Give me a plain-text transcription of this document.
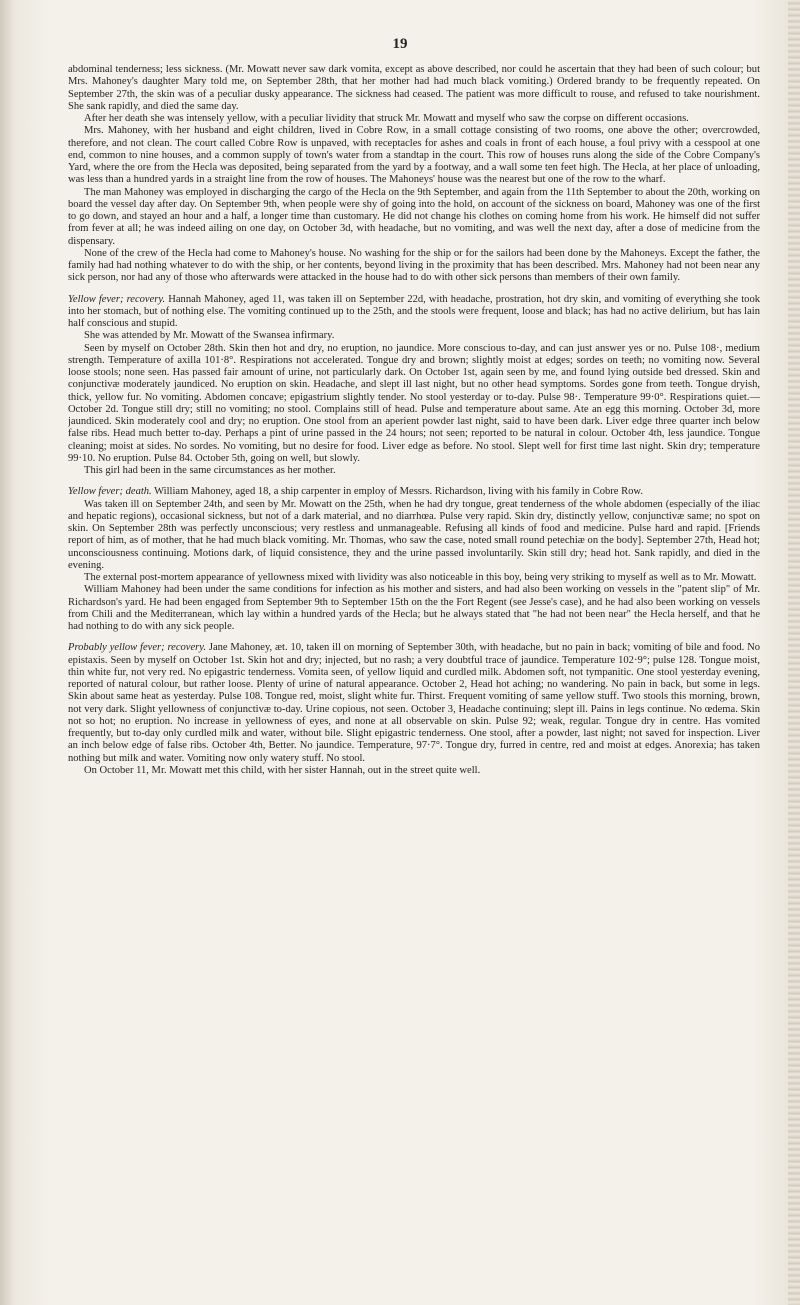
19

abdominal tenderness; less sickness. (Mr. Mowatt never saw dark vomita, except as above described, nor could he ascertain that they had been of such colour; but Mrs. Mahoney's daughter Mary told me, on September 28th, that her mother had had much black vomiting.) Ordered brandy to be frequently repeated. On September 27th, the skin was of a peculiar dusky appearance. The sickness had ceased. The patient was more difficult to rouse, and refused to take nourishment. She sank rapidly, and died the same day.

After her death she was intensely yellow, with a peculiar lividity that struck Mr. Mowatt and myself who saw the corpse on different occasions.

Mrs. Mahoney, with her husband and eight children, lived in Cobre Row, in a small cottage consisting of two rooms, one above the other; overcrowded, therefore, and not clean. The court called Cobre Row is unpaved, with receptacles for ashes and coals in front of each house, a foul privy with a cesspool at one end, common to nine houses, and a common supply of town's water from a standtap in the court. This row of houses runs along the side of the Cobre Company's Yard, where the ore from the Hecla was deposited, being separated from the yard by a footway, and a wall some ten feet high. The Hecla, at her place of unloading, was less than a hundred yards in a straight line from the row of houses. The Mahoneys' house was the nearest but one of the row to the wharf.

The man Mahoney was employed in discharging the cargo of the Hecla on the 9th September, and again from the 11th September to about the 20th, working on board the vessel day after day. On September 9th, when people were shy of going into the hold, on account of the sickness on board, Mahoney was one of the first to go down, and stayed an hour and a half, a longer time than customary. He did not change his clothes on coming home from his work. He himself did not suffer from fever at all; he was indeed ailing on one day, on October 3d, with headache, but no vomiting, and was well the next day, after a dose of medicine from the dispensary.

None of the crew of the Hecla had come to Mahoney's house. No washing for the ship or for the sailors had been done by the Mahoneys. Except the father, the family had had nothing whatever to do with the ship, or her contents, beyond living in the proximity that has been described. Mrs. Mahoney had not been near any sick person, nor had any of those who afterwards were attacked in the house had to do with other sick persons than members of their own family.

Yellow fever; recovery. Hannah Mahoney, aged 11, was taken ill on September 22d, with headache, prostration, hot dry skin, and vomiting of everything she took into her stomach, but of nothing else. The vomiting continued up to the 25th, and the stools were frequent, loose and black; has had no active delirium, but has lain half conscious and stupid.

She was attended by Mr. Mowatt of the Swansea infirmary.

Seen by myself on October 28th. Skin then hot and dry, no eruption, no jaundice. More conscious to-day, and can just answer yes or no. Pulse 108·, medium strength. Temperature of axilla 101·8°. Respirations not accelerated. Tongue dry and brown; slightly moist at edges; sordes on teeth; no vomiting now. Several loose stools; none seen. Has passed fair amount of urine, not particularly dark. On October 1st, again seen by me, and found lying outside bed dressed. Skin and conjunctivæ moderately jaundiced. No eruption on skin. Headache, and slept ill last night, but no other head symptoms. Sordes gone from teeth. Tongue dryish, thick, yellow fur. No vomiting. Abdomen concave; epigastrium slightly tender. No stool yesterday or to-day. Pulse 98·. Temperature 99·0°. Respirations quiet.—October 2d. Tongue still dry; still no vomiting; no stool. Complains still of head. Pulse and temperature about same. Ate an egg this morning. October 3d, more jaundiced. Skin moderately cool and dry; no eruption. One stool from an aperient powder last night, said to have been dark. Liver edge three quarter inch below false ribs. Head much better to-day. Perhaps a pint of urine passed in the 24 hours; not seen; reported to be natural in colour. October 4th, less jaundice. Tongue cleaning; moist at sides. No sordes. No vomiting, but no desire for food. Liver edge as before. No stool. Slept well for first time last night. Skin dry; temperature 99·10. No eruption. Pulse 84. October 5th, going on well, but slowly.

This girl had been in the same circumstances as her mother.

Yellow fever; death. William Mahoney, aged 18, a ship carpenter in employ of Messrs. Richardson, living with his family in Cobre Row.

Was taken ill on September 24th, and seen by Mr. Mowatt on the 25th, when he had dry tongue, great tenderness of the whole abdomen (especially of the iliac and hepatic regions), occasional sickness, but not of a dark material, and no diarrhœa. Pulse very rapid. Skin dry, distinctly yellow, conjunctivæ same; no spot on skin. On September 28th was perfectly unconscious; very restless and unmanageable. Refusing all kinds of food and medicine. Pulse hard and rapid. [Friends report of him, as of mother, that he had much black vomiting. Mr. Thomas, who saw the case, noted small round petechiæ on the body]. September 27th, Head hot; unconsciousness continuing. Motions dark, of liquid consistence, they and the urine passed involuntarily. Skin still dry; head hot. Sank rapidly, and died in the evening.

The external post-mortem appearance of yellowness mixed with lividity was also noticeable in this boy, being very striking to myself as well as to Mr. Mowatt.

William Mahoney had been under the same conditions for infection as his mother and sisters, and had also been working on vessels in the "patent slip" of Mr. Richardson's yard. He had been engaged from September 9th to September 15th on the the Fort Regent (see Jesse's case), and he had also been working on vessels from Chili and the Mediterranean, which lay within a hundred yards of the Hecla; but he always stated that "he had not been near" the Hecla herself, and that he had nothing to do with any sick people.

Probably yellow fever; recovery. Jane Mahoney, æt. 10, taken ill on morning of September 30th, with headache, but no pain in back; vomiting of bile and food. No epistaxis. Seen by myself on October 1st. Skin hot and dry; injected, but no rash; a very doubtful trace of jaundice. Temperature 102·9°; pulse 128. Tongue moist, thin white fur, not very red. No epigastric tenderness. Vomita seen, of yellow liquid and curdled milk. Abdomen soft, not tympanitic. One stool yesterday evening, reported of natural colour, but rather loose. Plenty of urine of natural appearance. October 2, Head hot aching; no wandering. No pain in back, but some in legs. Skin about same heat as yesterday. Pulse 108. Tongue red, moist, slight white fur. Thirst. Frequent vomiting of same yellow stuff. Two stools this morning, brown, not very dark. Slight yellowness of conjunctivæ to-day. Urine copious, not seen. October 3, Headache continuing; slept ill. Pains in legs continue. No œdema. Skin not so hot; no eruption. No increase in yellowness of eyes, and none at all observable on skin. Pulse 92; weak, regular. Tongue dry in centre. Has vomited frequently, but to-day only curdled milk and water, without bile. Slight epigastric tenderness. One stool, after a powder, last night; not saved for inspection. Liver an inch below edge of false ribs. October 4th, Better. No jaundice. Temperature, 97·7°. Tongue dry, furred in centre, red and moist at edges. Anorexia; has taken nothing but milk and water. Vomiting now only watery stuff. No stool.

On October 11, Mr. Mowatt met this child, with her sister Hannah, out in the street quite well.
